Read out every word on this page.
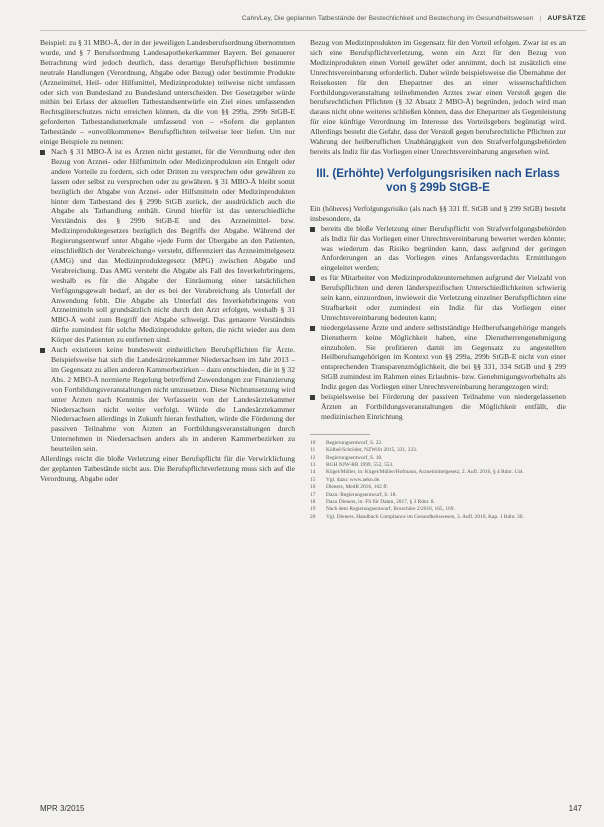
Cahn/Ley, Die geplanten Tatbestände der Bestechlichkeit und Bestechung im Gesundheitswesen | AUFSÄTZE

Beispiel: zu § 31 MBO-Ä, der in der jeweiligen Landesberufsordnung übernommen wurde, und § 7 Berufsordnung Landesapothekerkammer Bayern. Bei genauerer Betrachtung wird jedoch deutlich, dass derartige Berufspflichten bestimmte neutrale Handlungen (Verordnung, Abgabe oder Bezug) oder bestimmte Produkte (Arzneimittel, Heil- oder Hilfsmittel, Medizinprodukte) teilweise nicht umfassen oder sich von Bundesland zu Bundesland unterscheiden. Der Gesetzgeber würde mithin bei Erlass der aktuellen Tatbestandsentwürfe ein Ziel eines umfassenden Rechtsgüterschutzes nicht erreichen können, da die von §§ 299a, 299b StGB-E geforderten Tatbestandsmerkmale umfassend von – »Sofern die geplanten Tatbestände – »unvollkommene« Berufspflichten teilweise leer liefen. Um nur einige Beispiele zu nennen:

Nach § 31 MBO-Ä ist es Ärzten nicht gestattet, für die Verordnung oder den Bezug von Arznei- oder Hilfsmitteln oder Medizinprodukten ein Entgelt oder andere Vorteile zu fordern, sich oder Dritten zu versprechen oder gewähren zu lassen oder selbst zu versprechen oder zu gewähren. § 31 MBO-Ä bleibt somit bezüglich der Abgabe von Arznei- oder Hilfsmitteln oder Medizinprodukten hinter dem Tatbestand des § 299b StGB zurück, der ausdrücklich auch die Abgabe als Tathandlung enthält. Grund hierfür ist das unterschiedliche Verständnis des § 299b StGB-E und des Arzneimittel- bzw. Medizinproduktegesetzes bezüglich des Begriffs der Abgabe. Während der Regierungsentwurf unter Abgabe »jede Form der Übergabe an den Patienten, einschließlich der Verabreichung« versteht, differenziert das Arzneimittelgesetz (AMG) und das Medizinproduktegesetz (MPG) zwischen Abgabe und Verabreichung. Das AMG versteht die Abgabe als Fall des Inverkehrbringens, weshalb es für die Abgabe der Einräumung einer tatsächlichen Verfügungsgewalt bedarf, an der es bei der Verabreichung als Unterfall der Anwendung fehlt. Die Abgabe als Unterfall des Inverkehrbringens von Arzneimitteln soll grundsätzlich nicht durch den Arzt erfolgen, weshalb § 31 MBO-Ä wohl zum Begriff der Abgabe schweigt. Das genauere Verständnis dürfte zumindest für solche Medizinprodukte gelten, die nicht wieder aus dem Körper des Patienten zu entfernen sind.
Auch existieren keine bundesweit einheitlichen Berufspflichten für Ärzte. Beispielsweise hat sich die Landesärztekammer Niedersachsen im Jahr 2013 – im Gegensatz zu allen anderen Kammerbezirken – dazu entschieden, die in § 32 Abs. 2 MBO-Ä normierte Regelung betreffend Zuwendungen zur Finanzierung von Fortbildungsveranstaltungen nicht umzusetzen. Diese Nichtumsetzung wird unter Ärzten nach Kenntnis der Verfasserin von der Landesärztekammer Niedersachsen nicht weiter verfolgt. Würde die Landesärztekammer Niedersachsen allerdings in Zukunft hieran festhalten, würde die Förderung der passiven Teilnahme von Ärzten an Fortbildungsveranstaltungen durch Unternehmen in Niedersachsen anders als in anderen Kammerbezirken zu beurteilen sein.

Allerdings reicht die bloße Verletzung einer Berufspflicht für die Verwirklichung der geplanten Tatbestände nicht aus. Die Berufspflichtverletzung muss sich auf die Verordnung, Abgabe oder

Bezug von Medizinprodukten im Gegensatz für den Vorteil erfolgen. Zwar ist es an sich eine Berufspflichtverletzung, wenn ein Arzt für den Bezug von Medizinprodukten einen Vorteil gewährt oder annimmt, doch ist zusätzlich eine Unrechtsvereinbarung erforderlich. Daher würde beispielsweise die Übernahme der Reisekosten für den Ehepartner des an einer wissenschaftlichen Fortbildungsveranstaltung teilnehmenden Arztes zwar einen Verstoß gegen die berufsrechtlichen Pflichten (§ 32 Absatz 2 MBO-Ä) begründen, jedoch wird man daraus nicht ohne weiteres schließen können, dass der Ehepartner als Gegenleistung für eine künftige Verordnung im Interesse des Vorteilsgebers begünstigt wird. Allerdings besteht die Gefahr, dass der Verstoß gegen berufsrechtliche Pflichten zur Wahrung der heilberuflichen Unabhängigkeit von den Strafverfolgungsbehörden bereits als Indiz für das Vorliegen einer Unrechtsvereinbarung angesehen wird.

III. (Erhöhte) Verfolgungsrisiken nach Erlass von § 299b StGB-E

Ein (höheres) Verfolgungsrisiko (als nach §§ 331 ff. StGB und § 299 StGB) besteht insbesondere, da

bereits die bloße Verletzung einer Berufspflicht von Strafverfolgungsbehörden als Indiz für das Vorliegen einer Unrechtsvereinbarung bewertet werden könnte; was wiederum das Risiko begründen kann, dass aufgrund der geringen Anforderungen an das Vorliegen eines Anfangsverdachts Ermittlungen eingeleitet werden;
es für Mitarbeiter von Medizinprodukteunternehmen aufgrund der Vielzahl von Berufspflichten und deren länderspezifischen Unterschiedlichkeiten schwierig sein kann, einzuordnen, inwieweit die Verletzung einzelner Berufspflichten eine Strafbarkeit oder zumindest ein Indiz für das Vorliegen einer Unrechtsvereinbarung bedeuten kann;
niedergelassene Ärzte und andere selbstständige Heilberufsangehörige mangels Dienstherrn keine Möglichkeit haben, eine Dienstherrengenehmigung einzuholen. Sie profitieren damit im Gegensatz zu angestellten Heilberufsangehörigen im Kontext von §§ 299a, 299b StGB-E nicht von einer entsprechenden Transparenzmöglichkeit, die bei §§ 331, 334 StGB und § 299 StGB zumindest im Rahmen eines Erlaubnis- bzw. Genehmigungsvorbehalts als Indiz gegen das Vorliegen einer Unrechtsvereinbarung herangezogen wird;
beispielsweise bei Förderung der passiven Teilnahme von niedergelassenen Ärzten an Fortbildungsveranstaltungen die Möglichkeit entfällt, die medizinischen Einrichtung
10	Regierungsentwurf, S. 22.
11	Kölbel/Schröder, NZWiSt 2015, 331, 333.
12	Regierungsentwurf, S. 18.
13	BGH NJW-RR 1999, 552, 553.
14	Kügel/Müller, in: Kügel/Müller/Hofmann, Arzneimittelgesetz, 2. Aufl. 2016, § 4 Rdnr. 134.
15	Vgl. dazu: www.aekn.de.
16	Dieners, MedR 2016, 162 ff.
17	Dazu: Regierungsentwurf, S. 18.
18	Dazu Dieners, in: FS für Dahm, 2017, § 3 Rdnr. 8.
19	Nach dem Regierungsentwurf, Broschüre 2/2016, 165, 169.
20	Vgl. Dieners, Handbuch Compliance im Gesundheitswesen, 3. Aufl. 2010, Kap. 1 Rdnr. 30.
MPR 3/2015	147
